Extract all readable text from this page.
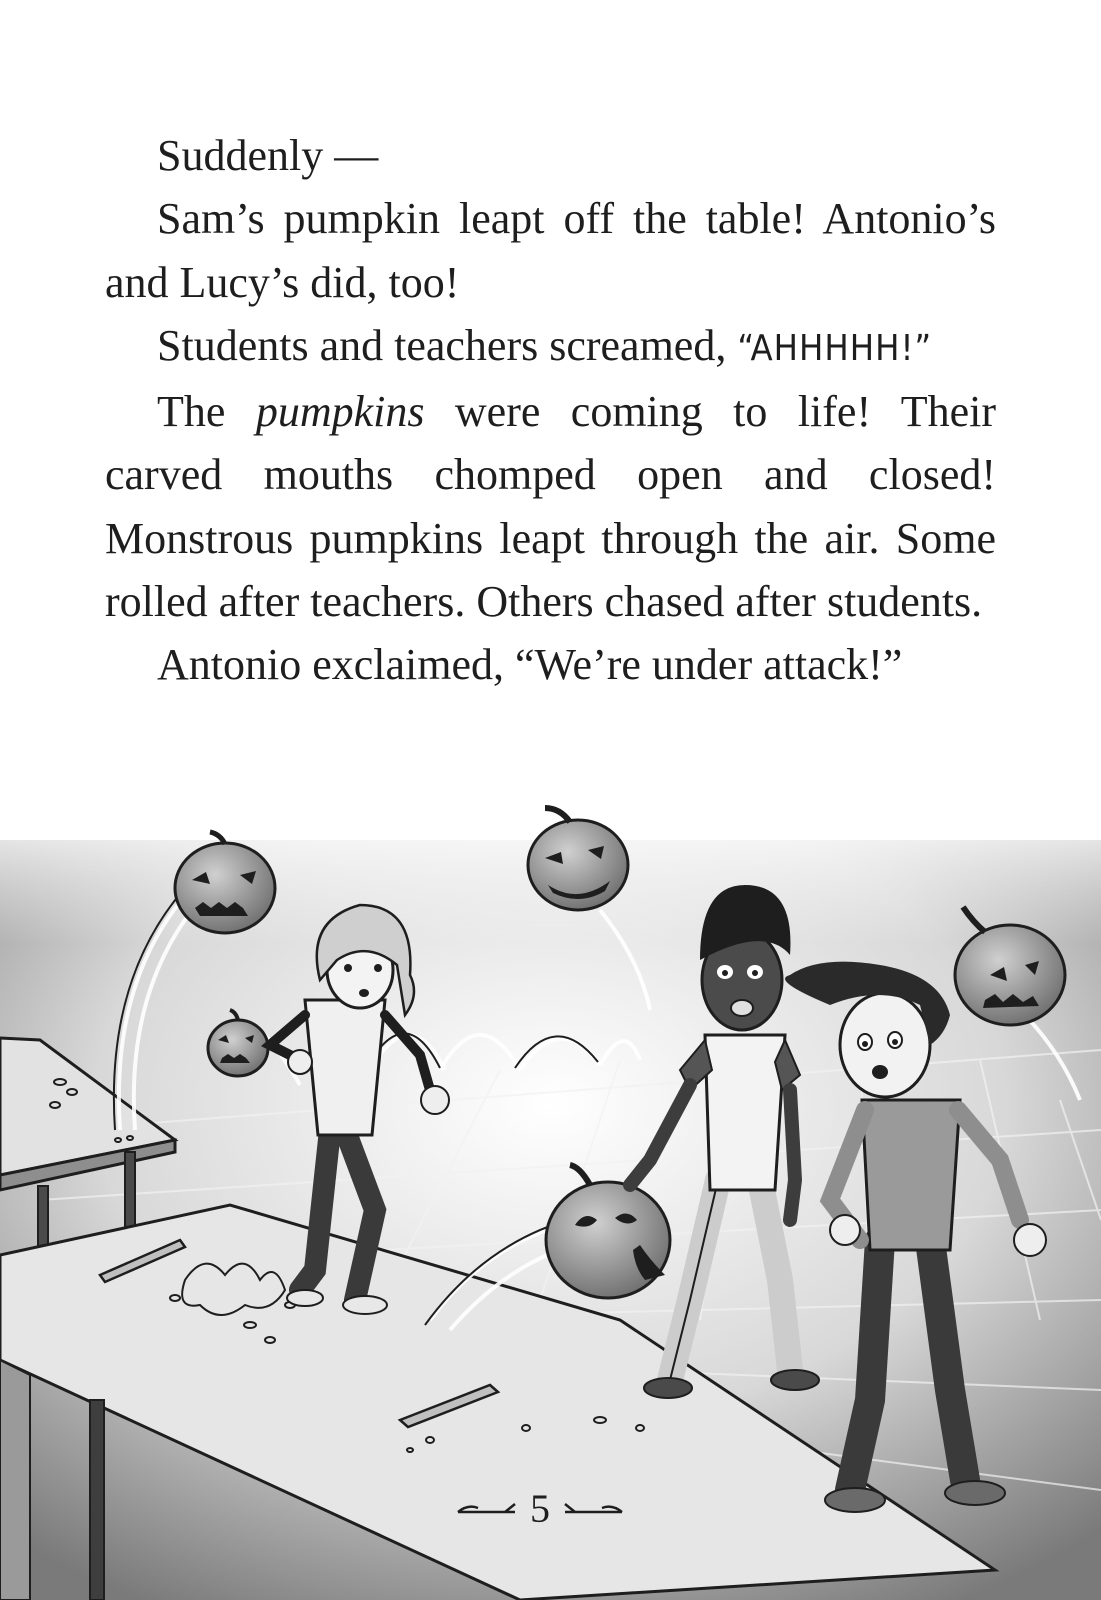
Suddenly —

Sam’s pumpkin leapt off the table! Antonio’s and Lucy’s did, too!

Students and teachers screamed, “AHHHHH!”

The pumpkins were coming to life! Their carved mouths chomped open and closed! Monstrous pumpkins leapt through the air. Some rolled after teachers. Others chased after students.

Antonio exclaimed, “We’re under attack!”

5
